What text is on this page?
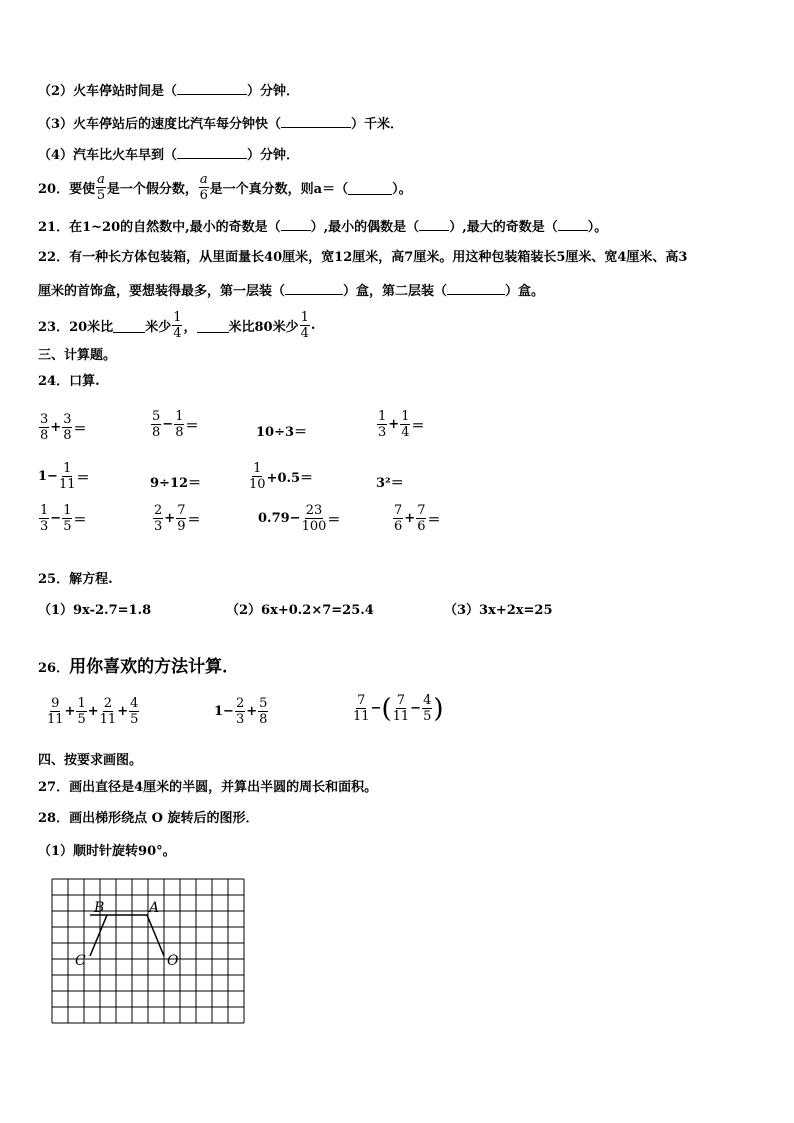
（2）火车停站时间是（	）分钟．
（3）火车停站后的速度比汽车每分钟快（	）千米．
（4）汽车比火车早到（	）分钟．
20．要使 $\frac{a}{5}$ 是一个假分数， $\frac{a}{6}$ 是一个真分数，则a＝（	）。
21．在1~20的自然数中,最小的奇数是（ ）,最小的偶数是（ ）,最大的奇数是（ ）。
22．有一种长方体包装箱，从里面量长40厘米，宽12厘米，高7厘米。用这种包装箱装长5厘米、宽4厘米、高3
厘米的首饰盒，要想装得最多，第一层装（	）盒，第二层装（	）盒。
23．20米比 米少 $\frac{1}{4}$ ， 米比80米少 $\frac{1}{4}$ .
三、计算题。
24．口算.
$\frac{3}{8} + \frac{3}{8}$ ＝	$\frac{5}{8} - \frac{1}{8}$ ＝	10÷3＝	$\frac{1}{3} + \frac{1}{4}$ ＝
$1- \frac{1}{11}$ ＝	9÷12＝	$\frac{1}{10} +0.5=$	3²＝
$\frac{1}{3} - \frac{1}{5}$ ＝	$\frac{2}{3} + \frac{7}{9}$ ＝	$0.79- \frac{23}{100}$ ＝	$\frac{7}{6} + \frac{7}{6}$ ＝
25．解方程.
（1）9x-2.7=1.8	（2）6x+0.2×7=25.4	（3）3x+2x=25
26．用你喜欢的方法计算．
$\frac{9}{11} + \frac{1}{5} + \frac{2}{11} + \frac{4}{5}$	$1- \frac{2}{3} + \frac{5}{8}$	$\frac{7}{11}$ − ( $\frac{7}{11} - \frac{4}{5}$ )
四、按要求画图。
27．画出直径是4厘米的半圆，并算出半圆的周长和面积。
28．画出梯形绕点 O 旋转后的图形．
（1）顺时针旋转90°。
B	A
C	O
